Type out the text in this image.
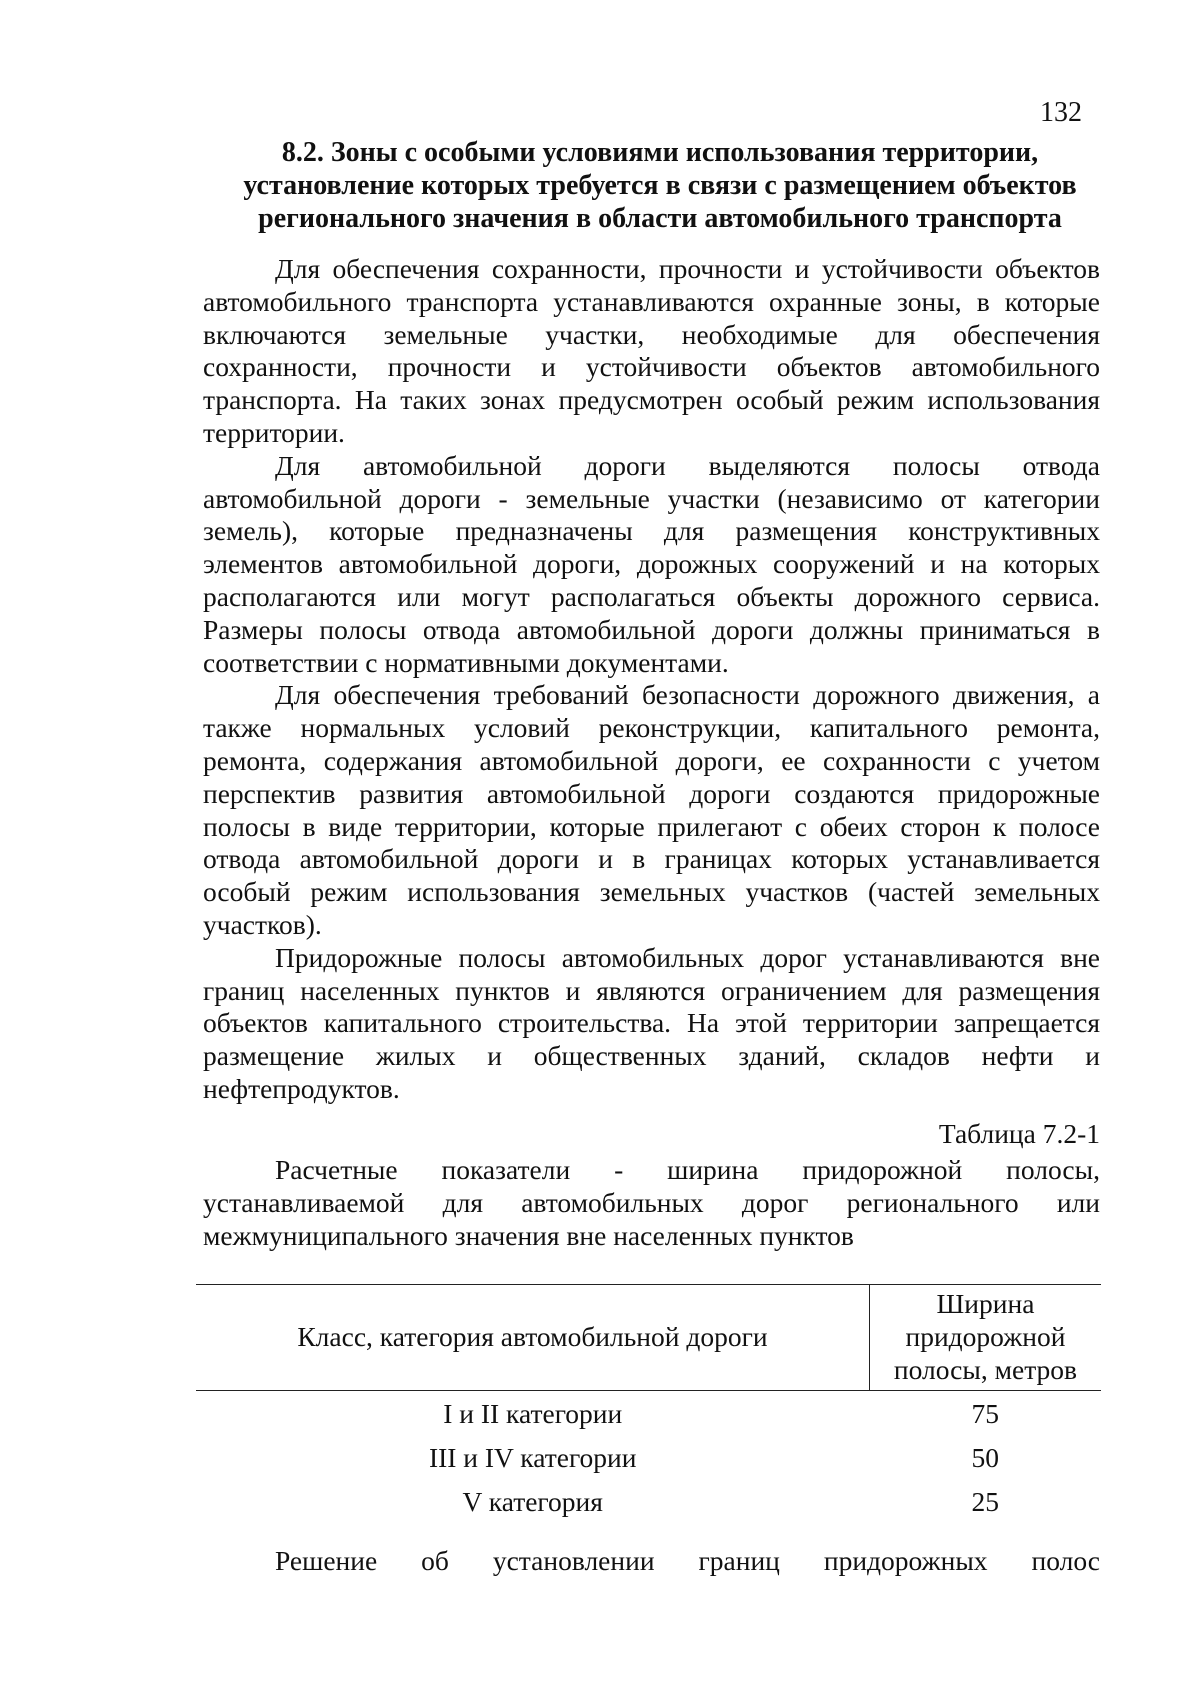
132
8.2. Зоны с особыми условиями использования территории,
установление которых требуется в связи с размещением объектов
регионального значения в области автомобильного транспорта

Для обеспечения сохранности, прочности и устойчивости объектов автомобильного транспорта устанавливаются охранные зоны, в которые включаются земельные участки, необходимые для обеспечения сохранности, прочности и устойчивости объектов автомобильного транспорта. На таких зонах предусмотрен особый режим использования территории.

Для автомобильной дороги выделяются полосы отвода автомобильной дороги - земельные участки (независимо от категории земель), которые предназначены для размещения конструктивных элементов автомобильной дороги, дорожных сооружений и на которых располагаются или могут располагаться объекты дорожного сервиса. Размеры полосы отвода автомобильной дороги должны приниматься в соответствии с нормативными документами.

Для обеспечения требований безопасности дорожного движения, а также нормальных условий реконструкции, капитального ремонта, ремонта, содержания автомобильной дороги, ее сохранности с учетом перспектив развития автомобильной дороги создаются придорожные полосы в виде территории, которые прилегают с обеих сторон к полосе отвода автомобильной дороги и в границах которых устанавливается особый режим использования земельных участков (частей земельных участков).

Придорожные полосы автомобильных дорог устанавливаются вне границ населенных пунктов и являются ограничением для размещения объектов капитального строительства. На этой территории запрещается размещение жилых и общественных зданий, складов нефти и нефтепродуктов.

Таблица 7.2-1
Расчетные показатели - ширина придорожной полосы, устанавливаемой для автомобильных дорог регионального или межмуниципального значения вне населенных пунктов
Класс, категория автомобильной дороги	Ширина придорожной полосы, метров
I и II категории	75
III и IV категории	50
V категория	25
Решение об установлении границ придорожных полос
